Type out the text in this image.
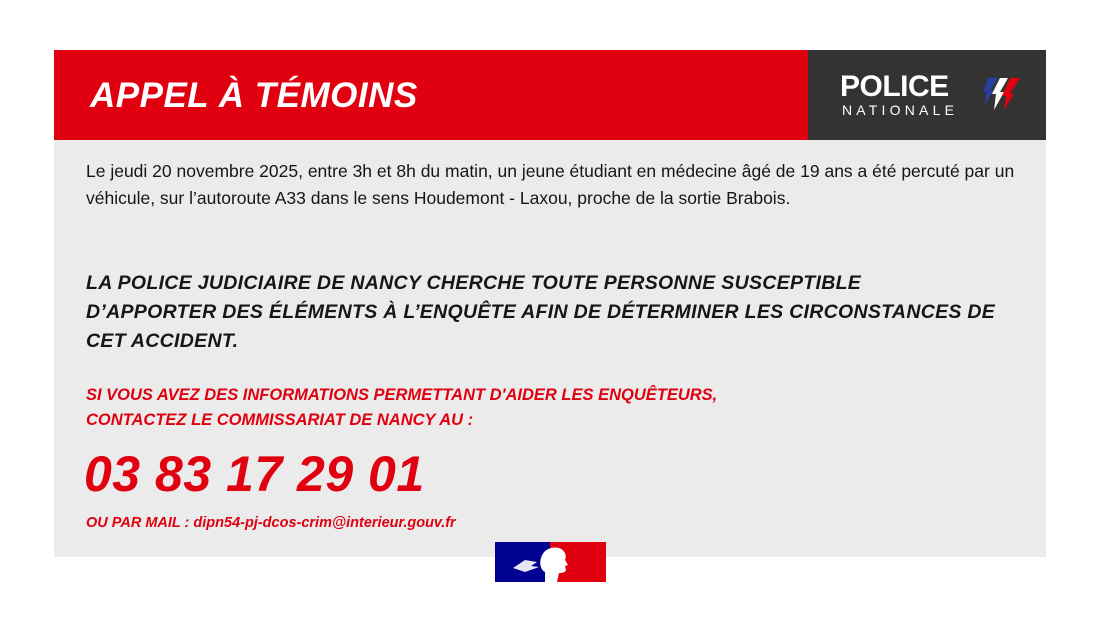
APPEL À TÉMOINS	POLICE
NATIONALE
Le jeudi 20 novembre 2025, entre 3h et 8h du matin, un jeune étudiant en médecine âgé de 19 ans a été percuté par un véhicule, sur l’autoroute A33 dans le sens Houdemont - Laxou, proche de la sortie Brabois.
LA POLICE JUDICIAIRE DE NANCY CHERCHE TOUTE PERSONNE SUSCEPTIBLE
D’APPORTER DES ÉLÉMENTS À L’ENQUÊTE AFIN DE DÉTERMINER LES CIRCONSTANCES DE
CET ACCIDENT.
SI VOUS AVEZ DES INFORMATIONS PERMETTANT D'AIDER LES ENQUÊTEURS,
CONTACTEZ LE COMMISSARIAT DE NANCY AU :
03 83 17 29 01
OU PAR MAIL : dipn54-pj-dcos-crim@interieur.gouv.fr
